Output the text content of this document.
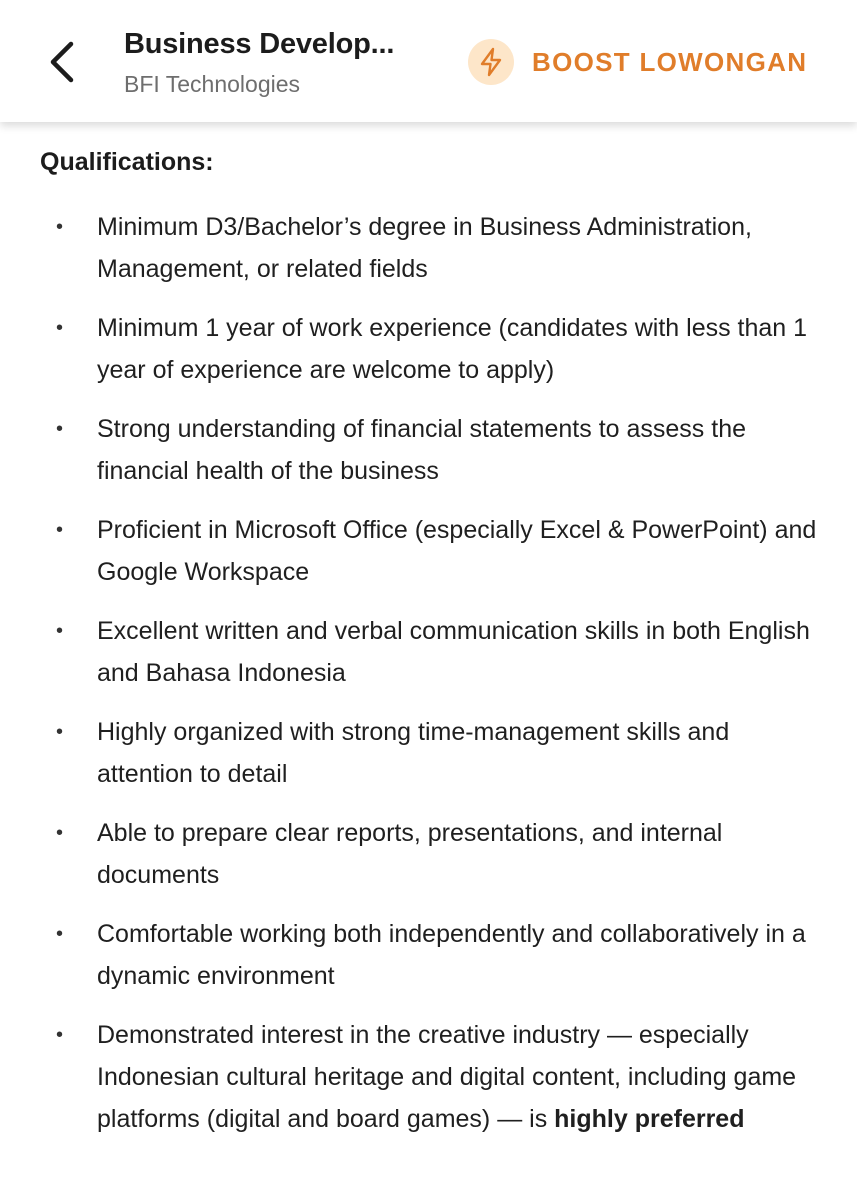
Business Develop...
BFI Technologies
BOOST LOWONGAN
Qualifications:
• Minimum D3/Bachelor’s degree in Business Administration, Management, or related fields
• Minimum 1 year of work experience (candidates with less than 1 year of experience are welcome to apply)
• Strong understanding of financial statements to assess the financial health of the business
• Proficient in Microsoft Office (especially Excel & PowerPoint) and Google Workspace
• Excellent written and verbal communication skills in both English and Bahasa Indonesia
• Highly organized with strong time-management skills and attention to detail
• Able to prepare clear reports, presentations, and internal documents
• Comfortable working both independently and collaboratively in a dynamic environment
• Demonstrated interest in the creative industry — especially Indonesian cultural heritage and digital content, including game platforms (digital and board games) — is highly preferred
